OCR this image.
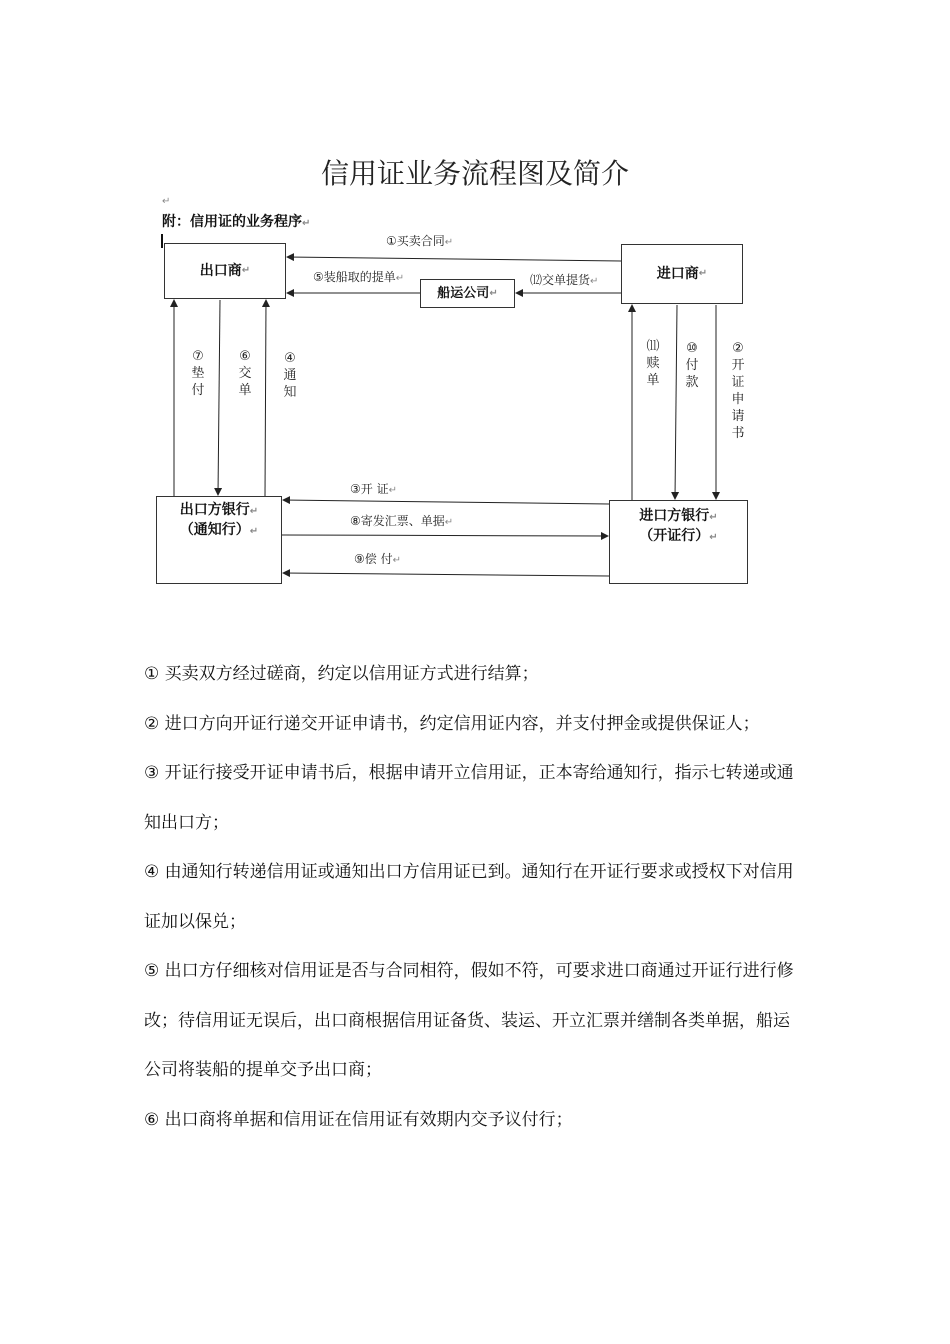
信用证业务流程图及简介
↵
附：信用证的业务程序↵
出口商 ↵	进口商 ↵
船运公司 ↵
出口方银行↵
（通知行）↵
进口方银行↵
（开证行）↵
①买卖合同↵
⑤装船取的提单↵	⑿交单提货↵
③开 证↵
⑧寄发汇票、单据↵
⑨偿 付↵
⑦垫付
⑥交单
④通知
⑾赎单
⑩付款
②开证申请书

① 买卖双方经过磋商，约定以信用证方式进行结算；

② 进口方向开证行递交开证申请书，约定信用证内容，并支付押金或提供保证人；

③ 开证行接受开证申请书后，根据申请开立信用证，正本寄给通知行，指示七转递或通知出口方；

④ 由通知行转递信用证或通知出口方信用证已到。通知行在开证行要求或授权下对信用证加以保兑；

⑤ 出口方仔细核对信用证是否与合同相符，假如不符，可要求进口商通过开证行进行修改；待信用证无误后，出口商根据信用证备货、装运、开立汇票并缮制各类单据，船运公司将装船的提单交予出口商；

⑥ 出口商将单据和信用证在信用证有效期内交予议付行；
